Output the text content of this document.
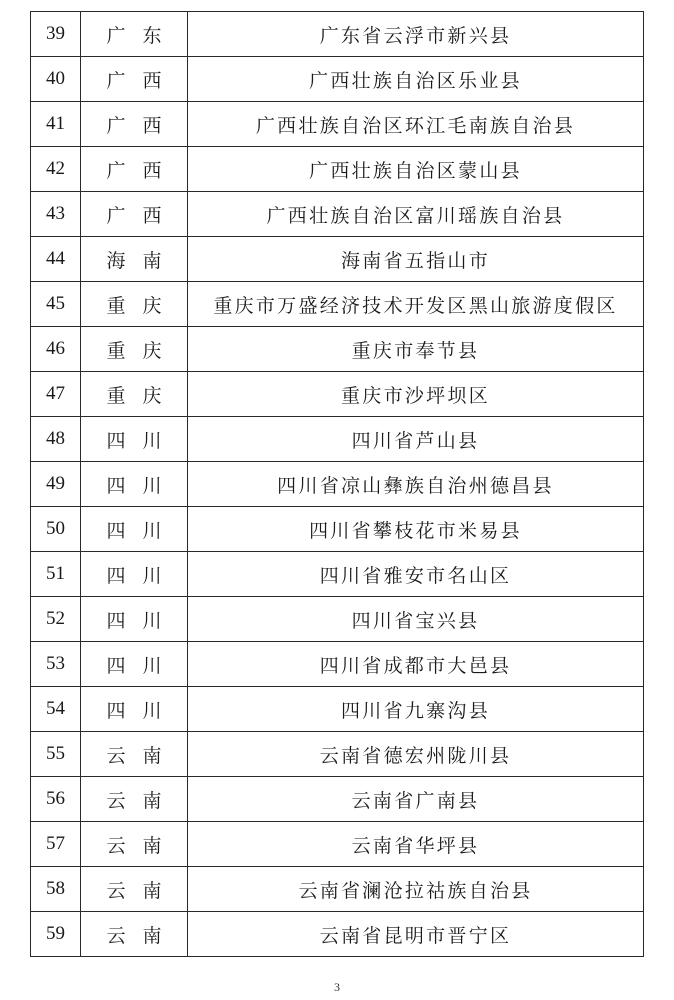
39	广东	广东省云浮市新兴县
40	广西	广西壮族自治区乐业县
41	广西	广西壮族自治区环江毛南族自治县
42	广西	广西壮族自治区蒙山县
43	广西	广西壮族自治区富川瑶族自治县
44	海南	海南省五指山市
45	重庆	重庆市万盛经济技术开发区黑山旅游度假区
46	重庆	重庆市奉节县
47	重庆	重庆市沙坪坝区
48	四川	四川省芦山县
49	四川	四川省凉山彝族自治州德昌县
50	四川	四川省攀枝花市米易县
51	四川	四川省雅安市名山区
52	四川	四川省宝兴县
53	四川	四川省成都市大邑县
54	四川	四川省九寨沟县
55	云南	云南省德宏州陇川县
56	云南	云南省广南县
57	云南	云南省华坪县
58	云南	云南省澜沧拉祜族自治县
59	云南	云南省昆明市晋宁区
3
